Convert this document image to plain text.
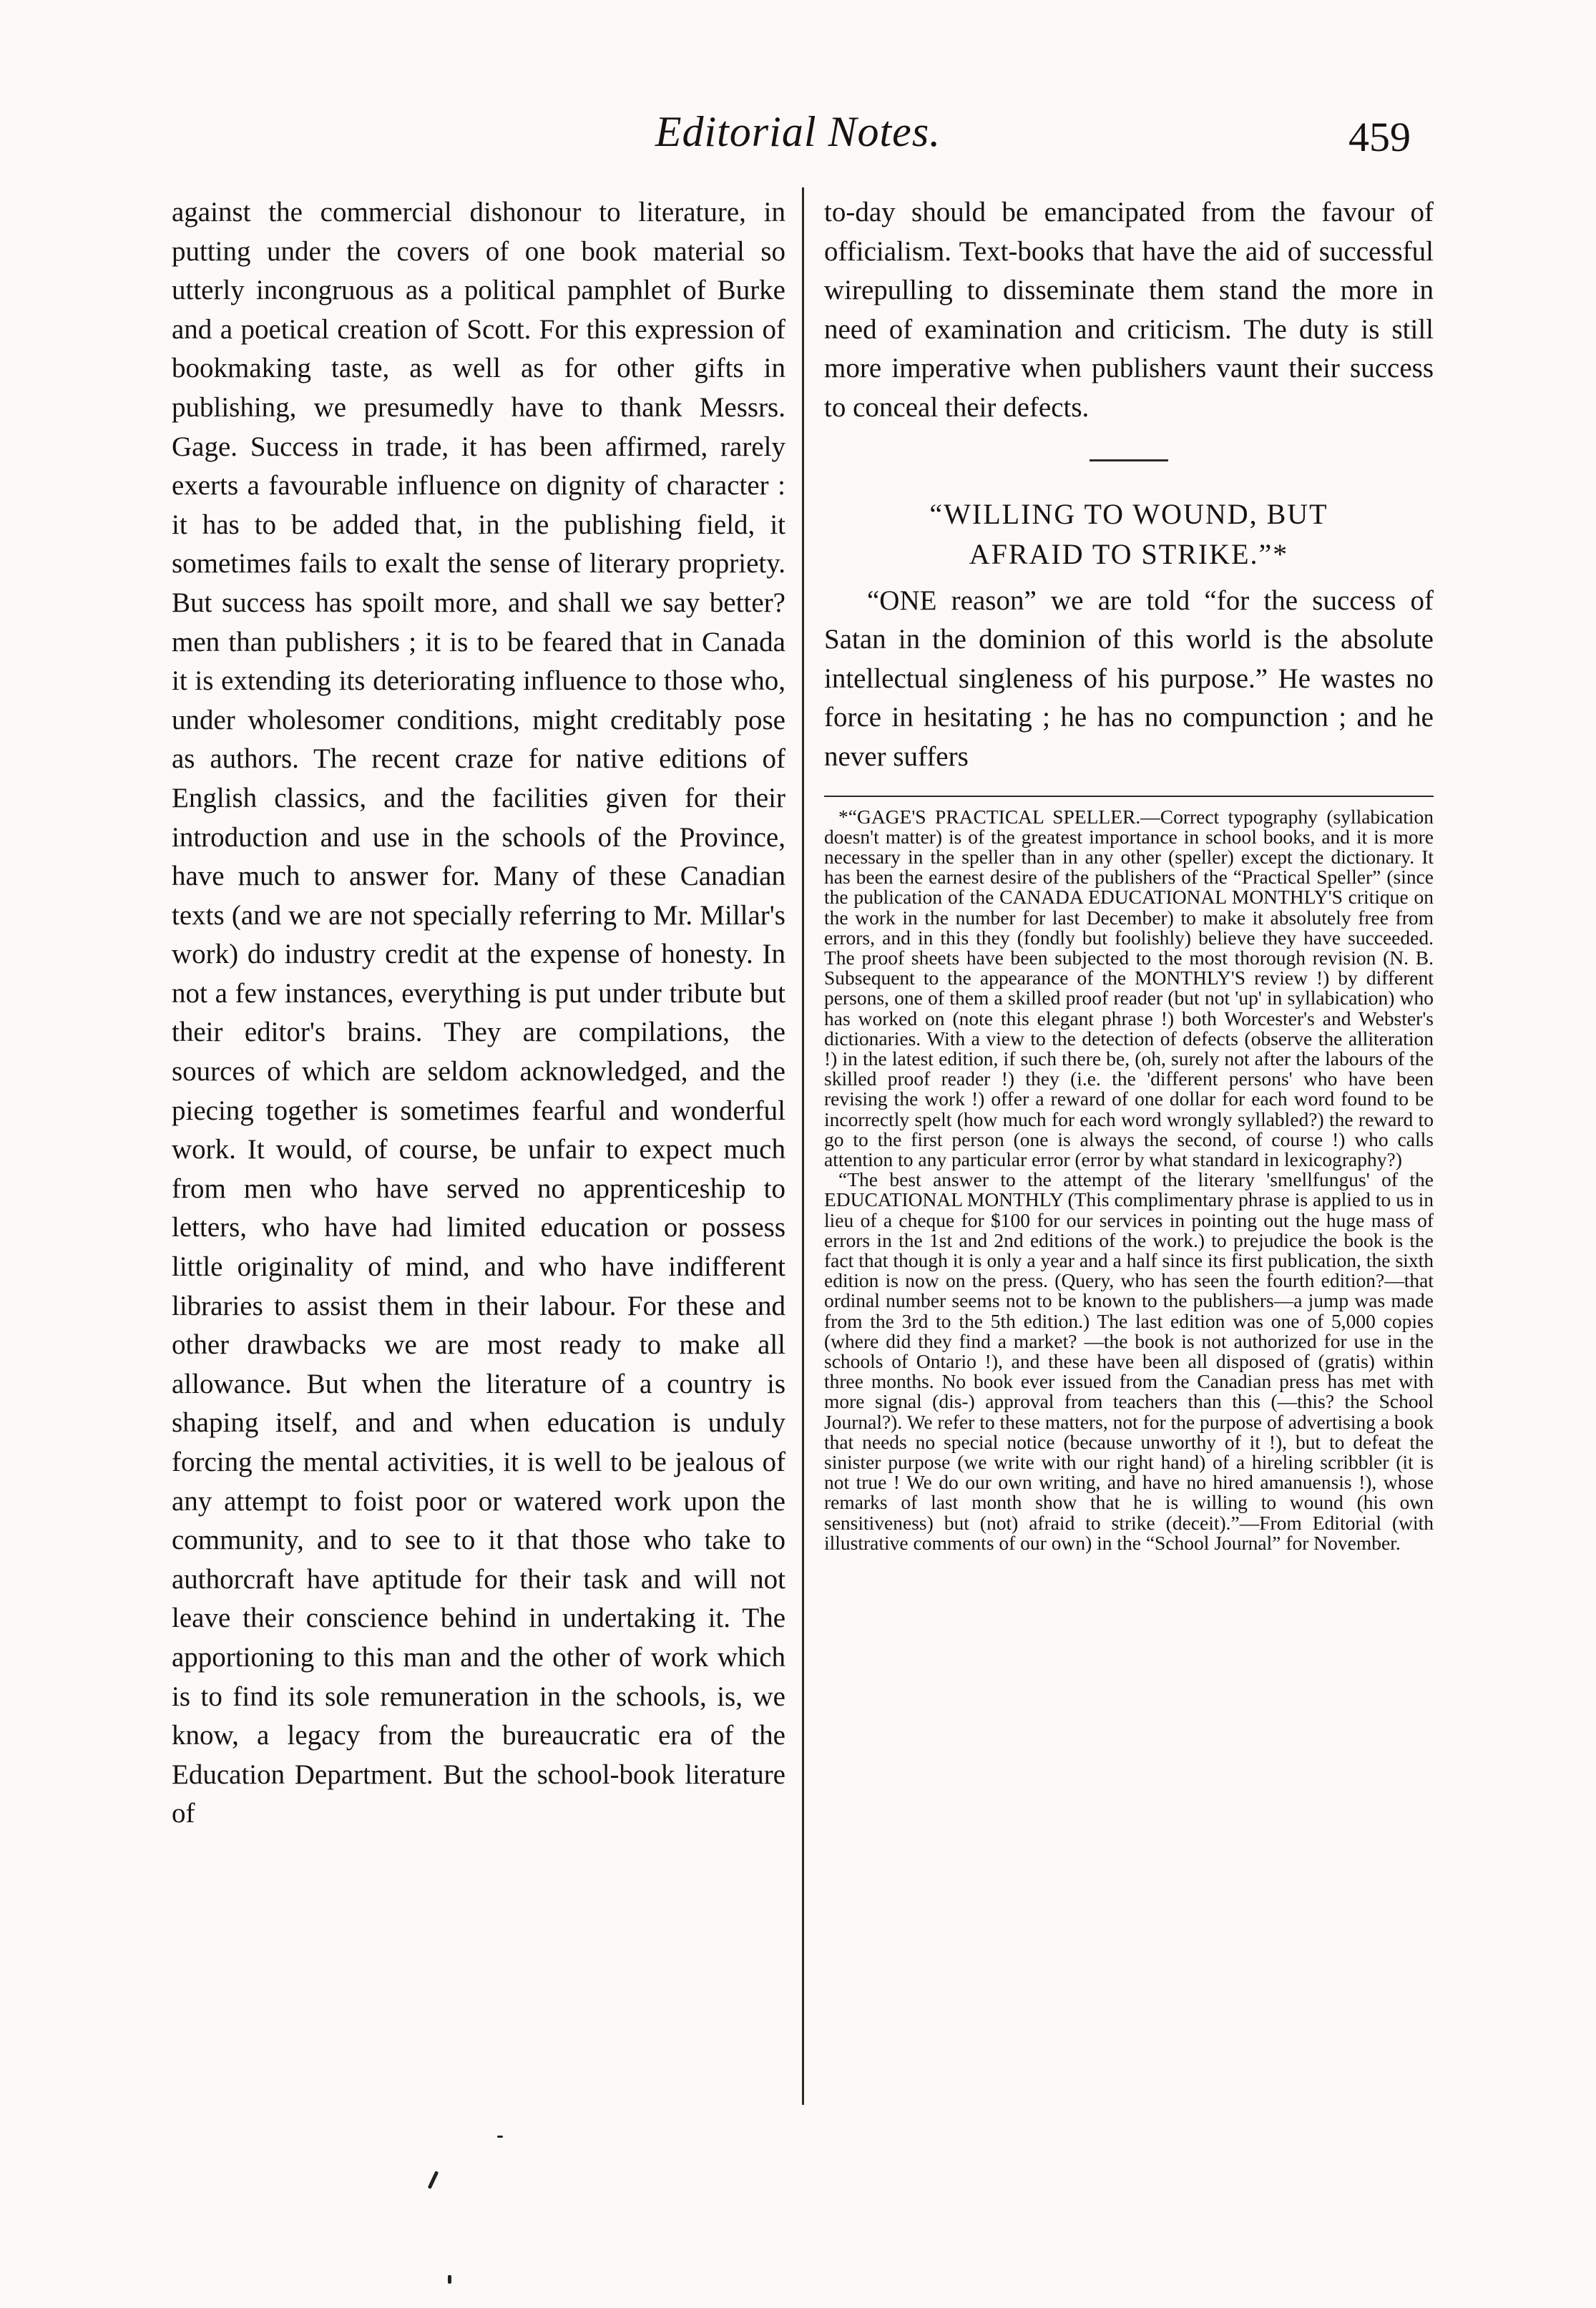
Editorial Notes.	459

against the commercial dishonour to literature, in putting under the covers of one book material so utterly incongruous as a political pamphlet of Burke and a poetical creation of Scott. For this expression of bookmaking taste, as well as for other gifts in publishing, we presumedly have to thank Messrs. Gage. Success in trade, it has been affirmed, rarely exerts a favourable influence on dignity of character : it has to be added that, in the publishing field, it sometimes fails to exalt the sense of literary propriety. But success has spoilt more, and shall we say better? men than publishers ; it is to be feared that in Canada it is extending its deteriorating influence to those who, under wholesomer conditions, might creditably pose as authors. The recent craze for native editions of English classics, and the facilities given for their introduction and use in the schools of the Province, have much to answer for. Many of these Canadian texts (and we are not specially referring to Mr. Millar's work) do industry credit at the expense of honesty. In not a few instances, everything is put under tribute but their editor's brains. They are compilations, the sources of which are seldom acknowledged, and the piecing together is sometimes fearful and wonderful work. It would, of course, be unfair to expect much from men who have served no apprenticeship to letters, who have had limited education or possess little originality of mind, and who have indifferent libraries to assist them in their labour. For these and other drawbacks we are most ready to make all allowance. But when the literature of a country is shaping itself, and and when education is unduly forcing the mental activities, it is well to be jealous of any attempt to foist poor or watered work upon the community, and to see to it that those who take to authorcraft have aptitude for their task and will not leave their conscience behind in undertaking it. The apportioning to this man and the other of work which is to find its sole remuneration in the schools, is, we know, a legacy from the bureaucratic era of the Education Department. But the school-book literature of

to-day should be emancipated from the favour of officialism. Text-books that have the aid of successful wirepulling to disseminate them stand the more in need of examination and criticism. The duty is still more imperative when publishers vaunt their success to conceal their defects.

“WILLING TO WOUND, BUT
AFRAID TO STRIKE.”*

“ONE reason” we are told “for the success of Satan in the dominion of this world is the absolute intellectual singleness of his purpose.” He wastes no force in hesitating ; he has no compunction ; and he never suffers

*“GAGE'S PRACTICAL SPELLER.—Correct typography (syllabication doesn't matter) is of the greatest importance in school books, and it is more necessary in the speller than in any other (speller) except the dictionary. It has been the earnest desire of the publishers of the “Practical Speller” (since the publication of the CANADA EDUCATIONAL MONTHLY'S critique on the work in the number for last December) to make it absolutely free from errors, and in this they (fondly but foolishly) believe they have succeeded. The proof sheets have been subjected to the most thorough revision (N. B. Subsequent to the appearance of the MONTHLY'S review !) by different persons, one of them a skilled proof reader (but not 'up' in syllabication) who has worked on (note this elegant phrase !) both Worcester's and Webster's dictionaries. With a view to the detection of defects (observe the alliteration !) in the latest edition, if such there be, (oh, surely not after the labours of the skilled proof reader !) they (i.e. the 'different persons' who have been revising the work !) offer a reward of one dollar for each word found to be incorrectly spelt (how much for each word wrongly syllabled?) the reward to go to the first person (one is always the second, of course !) who calls attention to any particular error (error by what standard in lexicography?)

“The best answer to the attempt of the literary 'smellfungus' of the EDUCATIONAL MONTHLY (This complimentary phrase is applied to us in lieu of a cheque for $100 for our services in pointing out the huge mass of errors in the 1st and 2nd editions of the work.) to prejudice the book is the fact that though it is only a year and a half since its first publication, the sixth edition is now on the press. (Query, who has seen the fourth edition?—that ordinal number seems not to be known to the publishers—a jump was made from the 3rd to the 5th edition.) The last edition was one of 5,000 copies (where did they find a market? —the book is not authorized for use in the schools of Ontario !), and these have been all disposed of (gratis) within three months. No book ever issued from the Canadian press has met with more signal (dis-) approval from teachers than this (—this? the School Journal?). We refer to these matters, not for the purpose of advertising a book that needs no special notice (because unworthy of it !), but to defeat the sinister purpose (we write with our right hand) of a hireling scribbler (it is not true ! We do our own writing, and have no hired amanuensis !), whose remarks of last month show that he is willing to wound (his own sensitiveness) but (not) afraid to strike (deceit).”—From Editorial (with illustrative comments of our own) in the “School Journal” for November.
